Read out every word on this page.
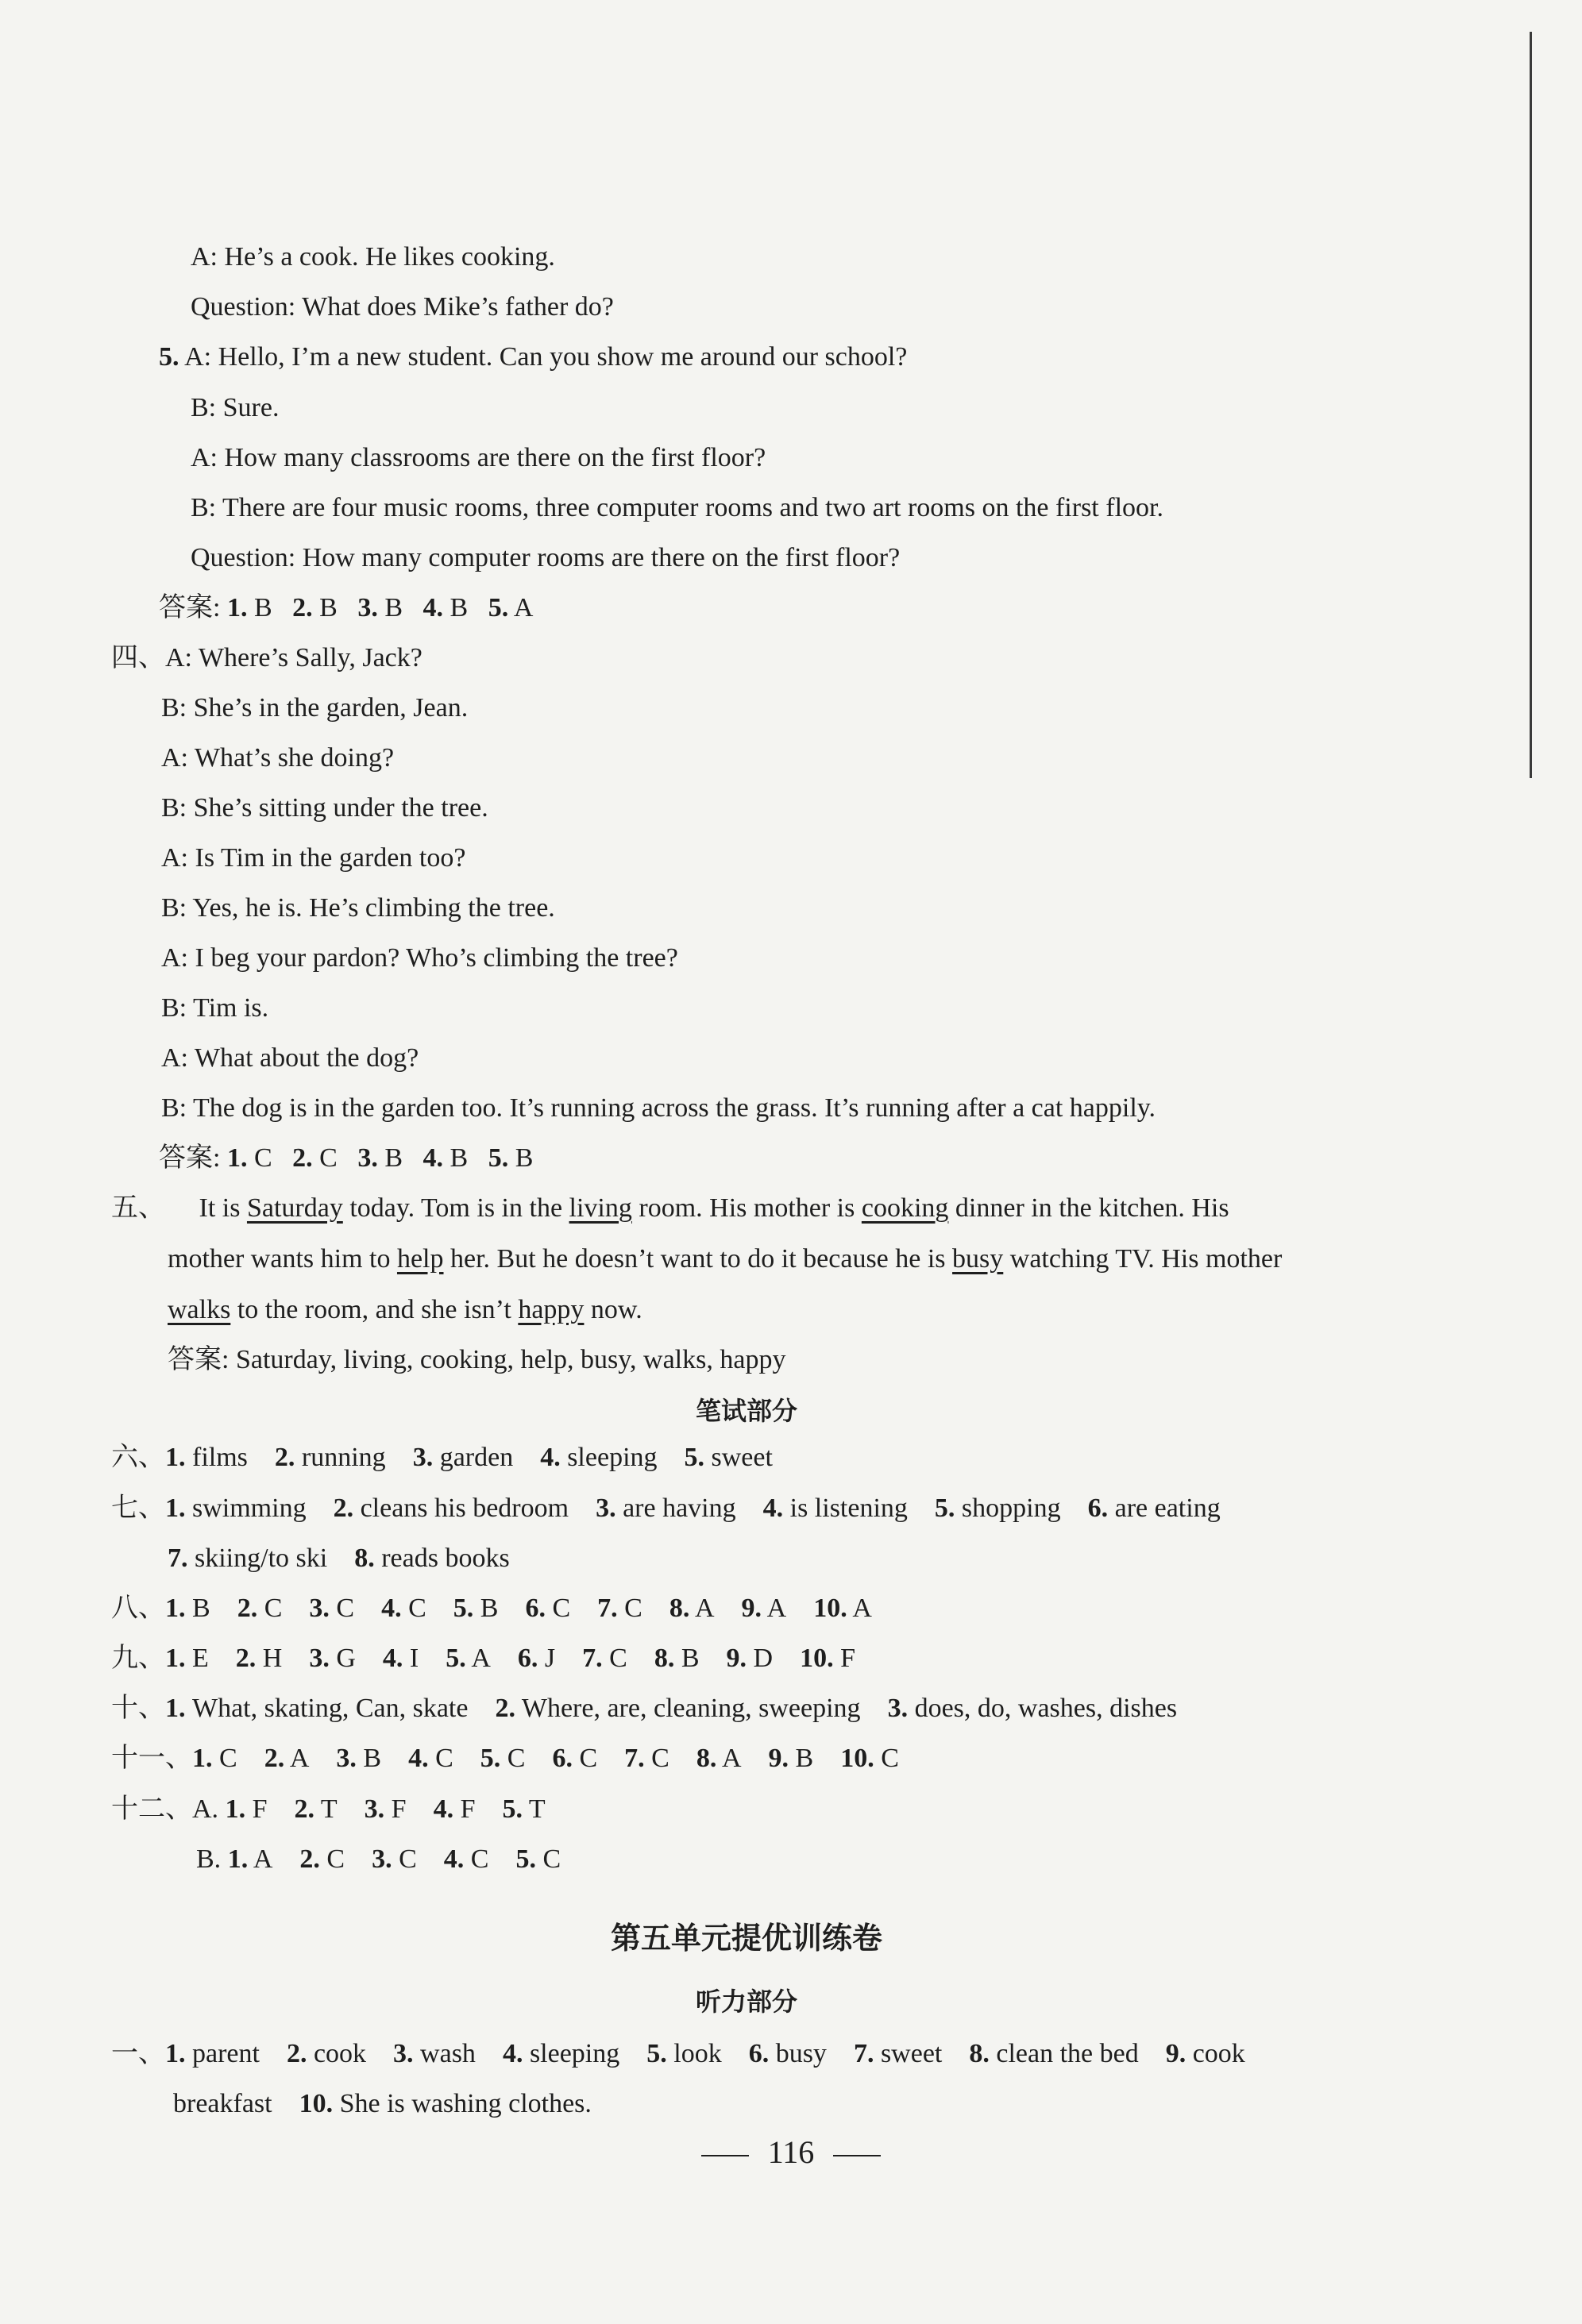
A: He’s a cook. He likes cooking.
Question: What does Mike’s father do?
5. A: Hello, I’m a new student. Can you show me around our school?
B: Sure.
A: How many classrooms are there on the first floor?
B: There are four music rooms, three computer rooms and two art rooms on the first floor.
Question: How many computer rooms are there on the first floor?
答案: 1. B 2. B 3. B 4. B 5. A
四、A: Where’s Sally, Jack?
B: She’s in the garden, Jean.
A: What’s she doing?
B: She’s sitting under the tree.
A: Is Tim in the garden too?
B: Yes, he is. He’s climbing the tree.
A: I beg your pardon? Who’s climbing the tree?
B: Tim is.
A: What about the dog?
B: The dog is in the garden too. It’s running across the grass. It’s running after a cat happily.
答案: 1. C 2. C 3. B 4. B 5. B
五、 It is Saturday today. Tom is in the living room. His mother is cooking dinner in the kitchen. His
mother wants him to help her. But he doesn’t want to do it because he is busy watching TV. His mother
walks to the room, and she isn’t happy now.
答案: Saturday, living, cooking, help, busy, walks, happy
笔试部分
六、1. films 2. running 3. garden 4. sleeping 5. sweet
七、1. swimming 2. cleans his bedroom 3. are having 4. is listening 5. shopping 6. are eating
7. skiing/to ski 8. reads books
八、1. B 2. C 3. C 4. C 5. B 6. C 7. C 8. A 9. A 10. A
九、1. E 2. H 3. G 4. I 5. A 6. J 7. C 8. B 9. D 10. F
十、1. What, skating, Can, skate 2. Where, are, cleaning, sweeping 3. does, do, washes, dishes
十一、1. C 2. A 3. B 4. C 5. C 6. C 7. C 8. A 9. B 10. C
十二、A. 1. F 2. T 3. F 4. F 5. T
B. 1. A 2. C 3. C 4. C 5. C
第五单元提优训练卷
听力部分
一、1. parent 2. cook 3. wash 4. sleeping 5. look 6. busy 7. sweet 8. clean the bed 9. cook
breakfast 10. She is washing clothes.
116
